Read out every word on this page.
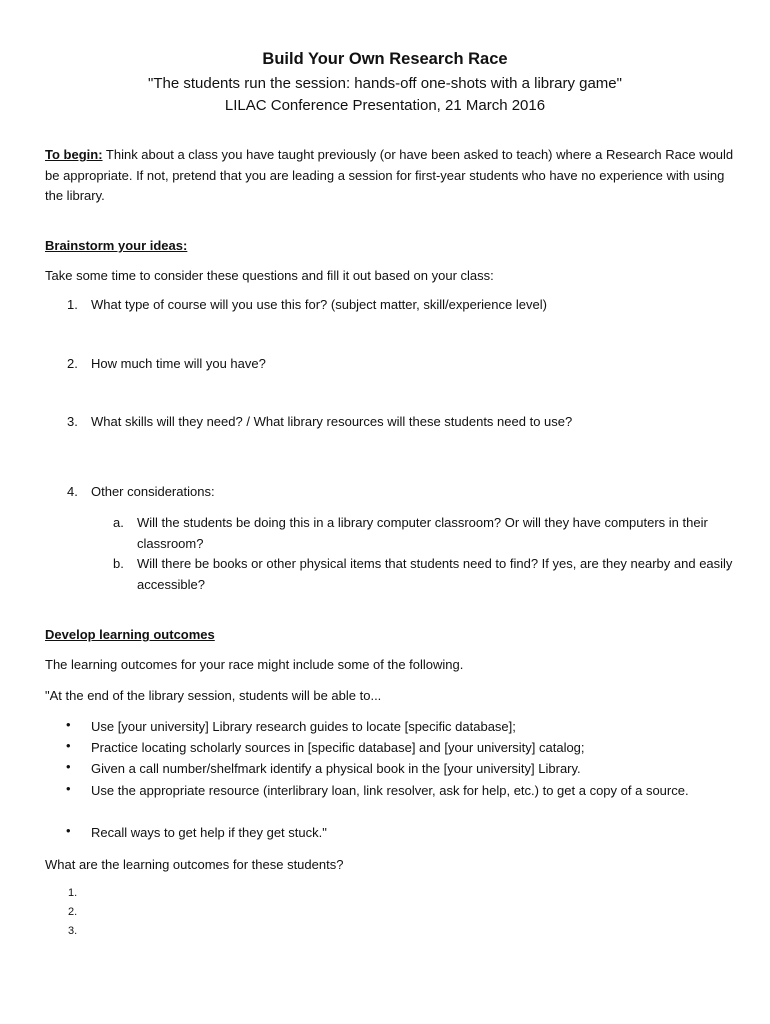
Build Your Own Research Race
"The students run the session: hands-off one-shots with a library game"
LILAC Conference Presentation, 21 March 2016
To begin: Think about a class you have taught previously (or have been asked to teach) where a Research Race would be appropriate. If not, pretend that you are leading a session for first-year students who have no experience with using the library.
Brainstorm your ideas:
Take some time to consider these questions and fill it out based on your class:
1. What type of course will you use this for? (subject matter, skill/experience level)
2. How much time will you have?
3. What skills will they need? / What library resources will these students need to use?
4. Other considerations:
a. Will the students be doing this in a library computer classroom? Or will they have computers in their classroom?
b. Will there be books or other physical items that students need to find? If yes, are they nearby and easily accessible?
Develop learning outcomes
The learning outcomes for your race might include some of the following.
"At the end of the library session, students will be able to...
• Use [your university] Library research guides to locate [specific database];
• Practice locating scholarly sources in [specific database] and [your university] catalog;
• Given a call number/shelfmark identify a physical book in the [your university] Library.
• Use the appropriate resource (interlibrary loan, link resolver, ask for help, etc.) to get a copy of a source.
• Recall ways to get help if they get stuck."
What are the learning outcomes for these students?
1.
2.
3.
